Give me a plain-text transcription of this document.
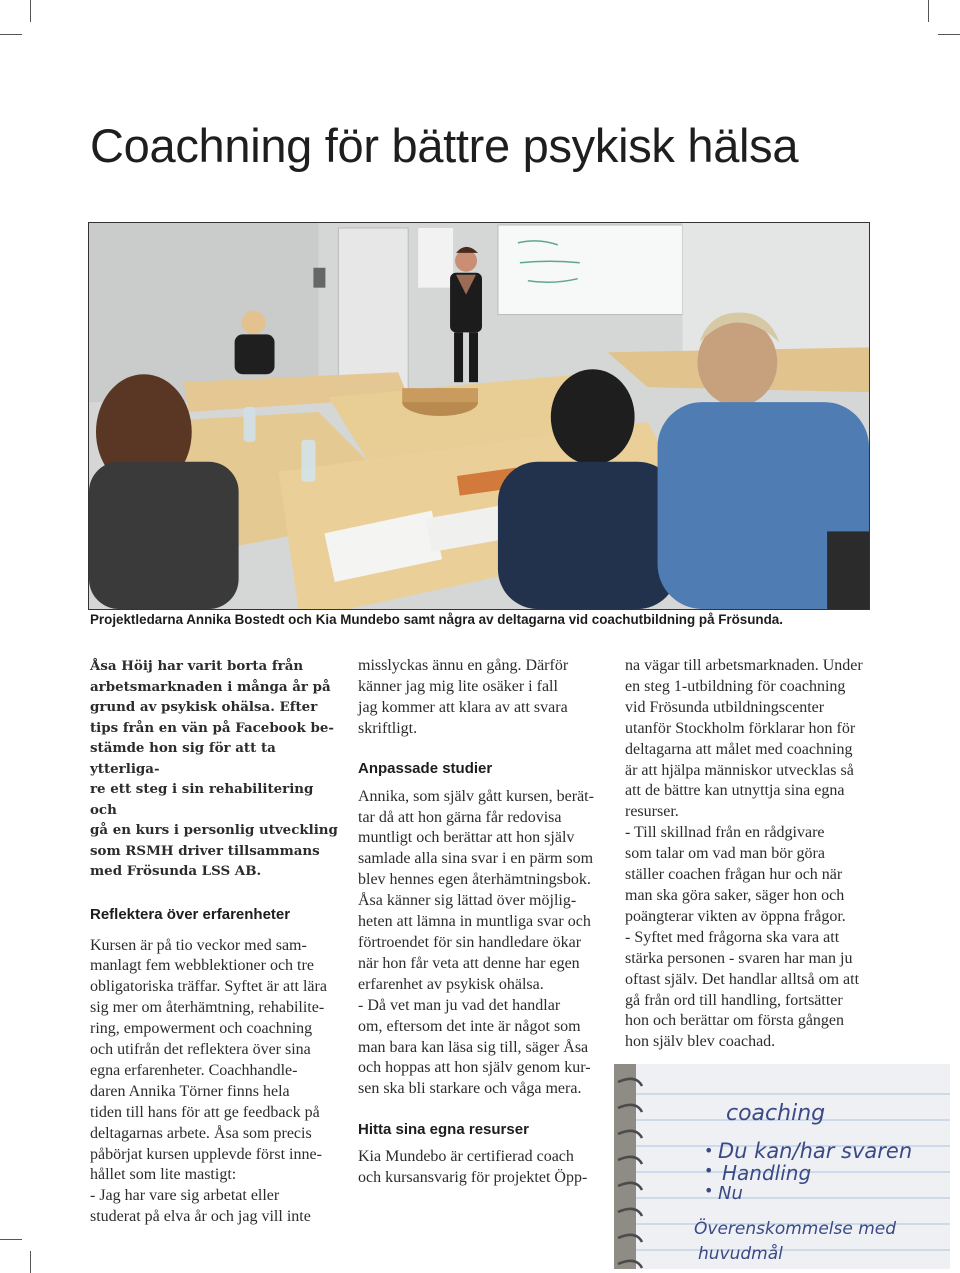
Coachning för bättre psykisk hälsa
Projektledarna Annika Bostedt och Kia Mundebo samt några av deltagarna vid coachutbildning på Frösunda.

Åsa Höij har varit borta från
arbetsmarknaden i många år på
grund av psykisk ohälsa. Efter
tips från en vän på Facebook be-
stämde hon sig för att ta ytterliga-
re ett steg i sin rehabilitering och
gå en kurs i personlig utveckling
som RSMH driver tillsammans
med Frösunda LSS AB.

Reflektera över erfarenheter

Kursen är på tio veckor med sam-
manlagt fem webblektioner och tre
obligatoriska träffar. Syftet är att lära
sig mer om återhämtning, rehabilite-
ring, empowerment och coachning
och utifrån det reflektera över sina
egna erfarenheter. Coachhandle-
daren Annika Törner finns hela
tiden till hans för att ge feedback på
deltagarnas arbete. Åsa som precis
påbörjat kursen upplevde först inne-
hållet som lite mastigt:
- Jag har vare sig arbetat eller
studerat på elva år och jag vill inte

misslyckas ännu en gång. Därför
känner jag mig lite osäker i fall
jag kommer att klara av att svara
skriftligt.

Anpassade studier

Annika, som själv gått kursen, berät-
tar då att hon gärna får redovisa
muntligt och berättar att hon själv
samlade alla sina svar i en pärm som
blev hennes egen återhämtningsbok.
Åsa känner sig lättad över möjlig-
heten att lämna in muntliga svar och
förtroendet för sin handledare ökar
när hon får veta att denne har egen
erfarenhet av psykisk ohälsa.
- Då vet man ju vad det handlar
om, eftersom det inte är något som
man bara kan läsa sig till, säger Åsa
och hoppas att hon själv genom kur-
sen ska bli starkare och våga mera.

Hitta sina egna resurser

Kia Mundebo är certifierad coach
och kursansvarig för projektet Öpp-

na vägar till arbetsmarknaden. Under
en steg 1-utbildning för coachning
vid Frösunda utbildningscenter
utanför Stockholm förklarar hon för
deltagarna att målet med coachning
är att hjälpa människor utvecklas så
att de bättre kan utnyttja sina egna
resurser.
- Till skillnad från en rådgivare
som talar om vad man bör göra
ställer coachen frågan hur och när
man ska göra saker, säger hon och
poängterar vikten av öppna frågor.
- Syftet med frågorna ska vara att
stärka personen - svaren har man ju
oftast själv. Det handlar alltså om att
gå från ord till handling, fortsätter
hon och berättar om första gången
hon själv blev coachad.

coaching
• Du kan/har svaren
• Handling
• Nu
Överenskommelse med
huvudmål
